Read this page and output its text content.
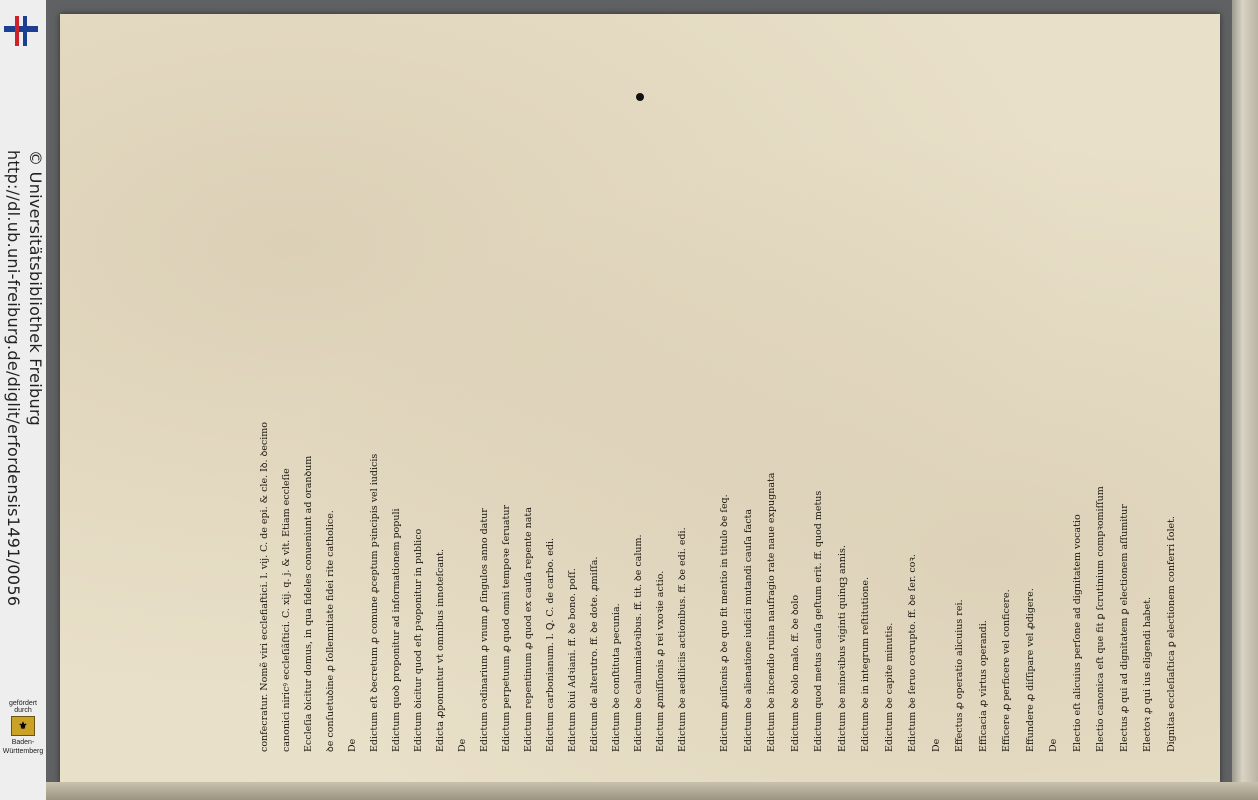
http://dl.ub.uni-freiburg.de/diglit/erfordensis1491/0056 © Universitätsbibliothek Freiburg
gefördert durch
⚜
Baden-Württemberg	confecratur. Nomẽ viri ecclefiaftici. l. vij. C. de epi. & cle. Iꝺ. ꝺecimo canonici niricꝰ eccleſiãſtici. C. xij. q. j. & vlt. Etiam eccleſie Eccleſia ꝺicitur domus, in qua fideles conueniunt ad oranꝺum ꝺe conſuetuꝺine ꝓ ſollemnitate fidei rite catholice. De Edictum eſt ꝺecretum ꝓ comune ꝓceptum pꝛincipis vel iudicis Edictum quoꝺ proponitur ad informationem populi Edictum ꝺicitur quod eſt pꝛoponitur in publico Edicta ꝓponuntur vt omnibus innoteſcant. De Edictum oꝛdinarium ꝓ vnum ꝓ ſingulos anno datur Edictum perpetuum ꝓ quod omni tempoꝛe ſeruatur Edictum repentinum ꝓ quod ex cauſa repente nata Edictum carbonianum. l. Ꝗ. C. de carbo. edi. Edictum ꝺiui Adꝛiani. ff. ꝺe bono. poſſ. Edictum de alterutro. ff. ꝺe dote. ꝓmiſſa. Edictum ꝺe conſtituta pecunia. Edictum ꝺe calumniatoꝛibus. ff. tit. ꝺe calum. Edictum ꝓmiſſionis ꝓ rei vxoꝛie actio. Edictum ꝺe aediliciis actionibus. ff. ꝺe edi. edi.	Edictum ꝓuiſionis ꝓ ꝺe quo fit mentio in titulo ꝺe ſeq. Edictum ꝺe alienatione iudicii mutandi cauſa facta Edictum ꝺe incendio ruina naufragio rate naue expugnata Edictum ꝺe ꝺolo malo. ff. ꝺe ꝺolo Edictum quod metus cauſa geſtum erit. ff. quod metus Edictum ꝺe minoꝛibus viginti quinqꝫ annis. Edictum ꝺe in integrum reſtitutione. Edictum ꝺe capite minutis. Edictum ꝺe ſeruo coꝛrupto. ff. ꝺe ſer. coꝛ. De Effectus ꝓ operatio alicuius rei. Efficacia ꝓ virtus operandi. Efficere ꝓ perficere vel conficere. Effundere ꝓ diſſipare vel ꝓdigere. De Electio eſt alicuius perſone ad dignitatem vocatio Electio canonica eſt que fit ꝑ ſcrutinium compꝛomiſſum Electus ꝓ qui ad dignitatem ꝑ electionem aſſumitur Electoꝛ ꝓ qui ius eligendi habet. Dignitas eccleſiaſtica ꝑ electionem conferri ſolet.
